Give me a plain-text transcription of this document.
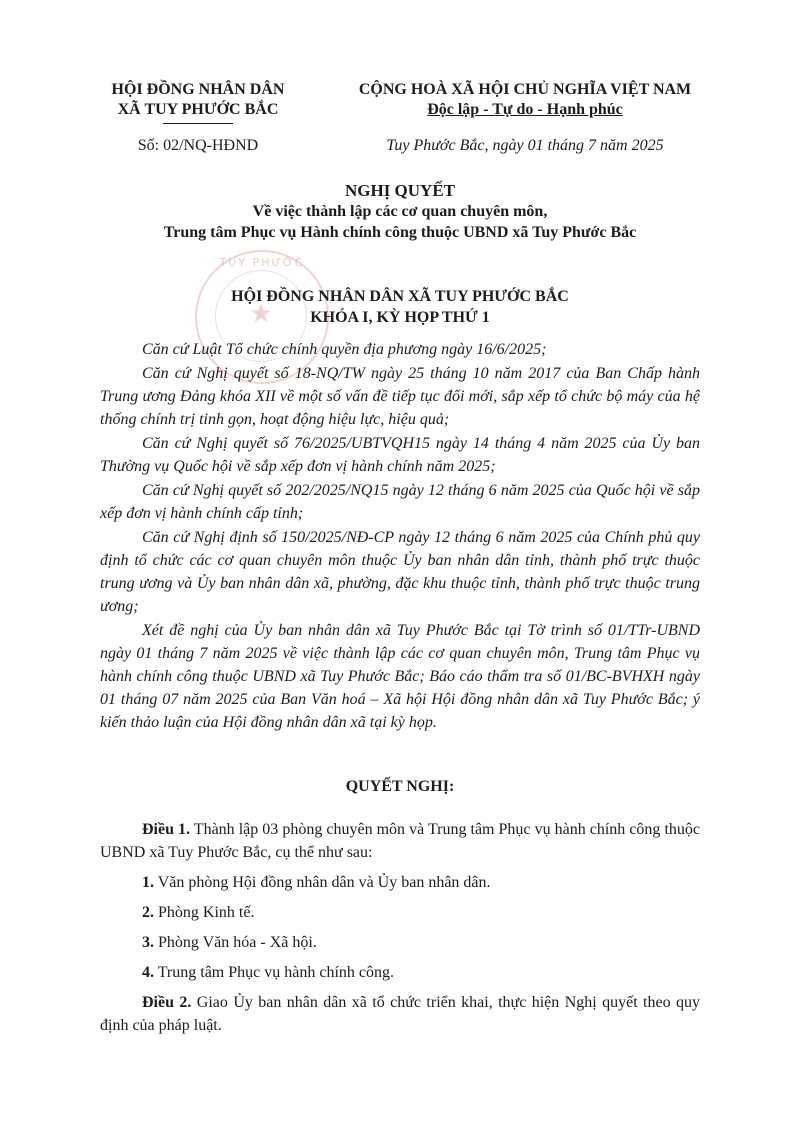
TUY PHƯỚC
★
HỘI ĐỒNG NHÂN DÂN
XÃ TUY PHƯỚC BẮC
CỘNG HOÀ XÃ HỘI CHỦ NGHĨA VIỆT NAM
Độc lập - Tự do - Hạnh phúc
Số: 02/NQ-HĐND	Tuy Phước Bắc, ngày 01 tháng 7 năm 2025
NGHỊ QUYẾT
Về việc thành lập các cơ quan chuyên môn,
Trung tâm Phục vụ Hành chính công thuộc UBND xã Tuy Phước Bắc
HỘI ĐỒNG NHÂN DÂN XÃ TUY PHƯỚC BẮC
KHÓA I, KỲ HỌP THỨ 1

Căn cứ Luật Tổ chức chính quyền địa phương ngày 16/6/2025;

Căn cứ Nghị quyết số 18-NQ/TW ngày 25 tháng 10 năm 2017 của Ban Chấp hành Trung ương Đảng khóa XII về một số vấn đề tiếp tục đổi mới, sắp xếp tổ chức bộ máy của hệ thống chính trị tinh gọn, hoạt động hiệu lực, hiệu quả;

Căn cứ Nghị quyết số 76/2025/UBTVQH15 ngày 14 tháng 4 năm 2025 của Ủy ban Thường vụ Quốc hội về sắp xếp đơn vị hành chính năm 2025;

Căn cứ Nghị quyết số 202/2025/NQ15 ngày 12 tháng 6 năm 2025 của Quốc hội về sắp xếp đơn vị hành chính cấp tỉnh;

Căn cứ Nghị định số 150/2025/NĐ-CP ngày 12 tháng 6 năm 2025 của Chính phủ quy định tổ chức các cơ quan chuyên môn thuộc Ủy ban nhân dân tỉnh, thành phố trực thuộc trung ương và Ủy ban nhân dân xã, phường, đặc khu thuộc tỉnh, thành phố trực thuộc trung ương;

Xét đề nghị của Ủy ban nhân dân xã Tuy Phước Bắc tại Tờ trình số 01/TTr-UBND ngày 01 tháng 7 năm 2025 về việc thành lập các cơ quan chuyên môn, Trung tâm Phục vụ hành chính công thuộc UBND xã Tuy Phước Bắc; Báo cáo thẩm tra số 01/BC-BVHXH ngày 01 tháng 07 năm 2025 của Ban Văn hoá – Xã hội Hội đồng nhân dân xã Tuy Phước Bắc; ý kiến thảo luận của Hội đồng nhân dân xã tại kỳ họp.

QUYẾT NGHỊ:

Điều 1. Thành lập 03 phòng chuyên môn và Trung tâm Phục vụ hành chính công thuộc UBND xã Tuy Phước Bắc, cụ thể như sau:

1. Văn phòng Hội đồng nhân dân và Ủy ban nhân dân.

2. Phòng Kinh tế.

3. Phòng Văn hóa - Xã hội.

4. Trung tâm Phục vụ hành chính công.

Điều 2. Giao Ủy ban nhân dân xã tổ chức triển khai, thực hiện Nghị quyết theo quy định của pháp luật.
